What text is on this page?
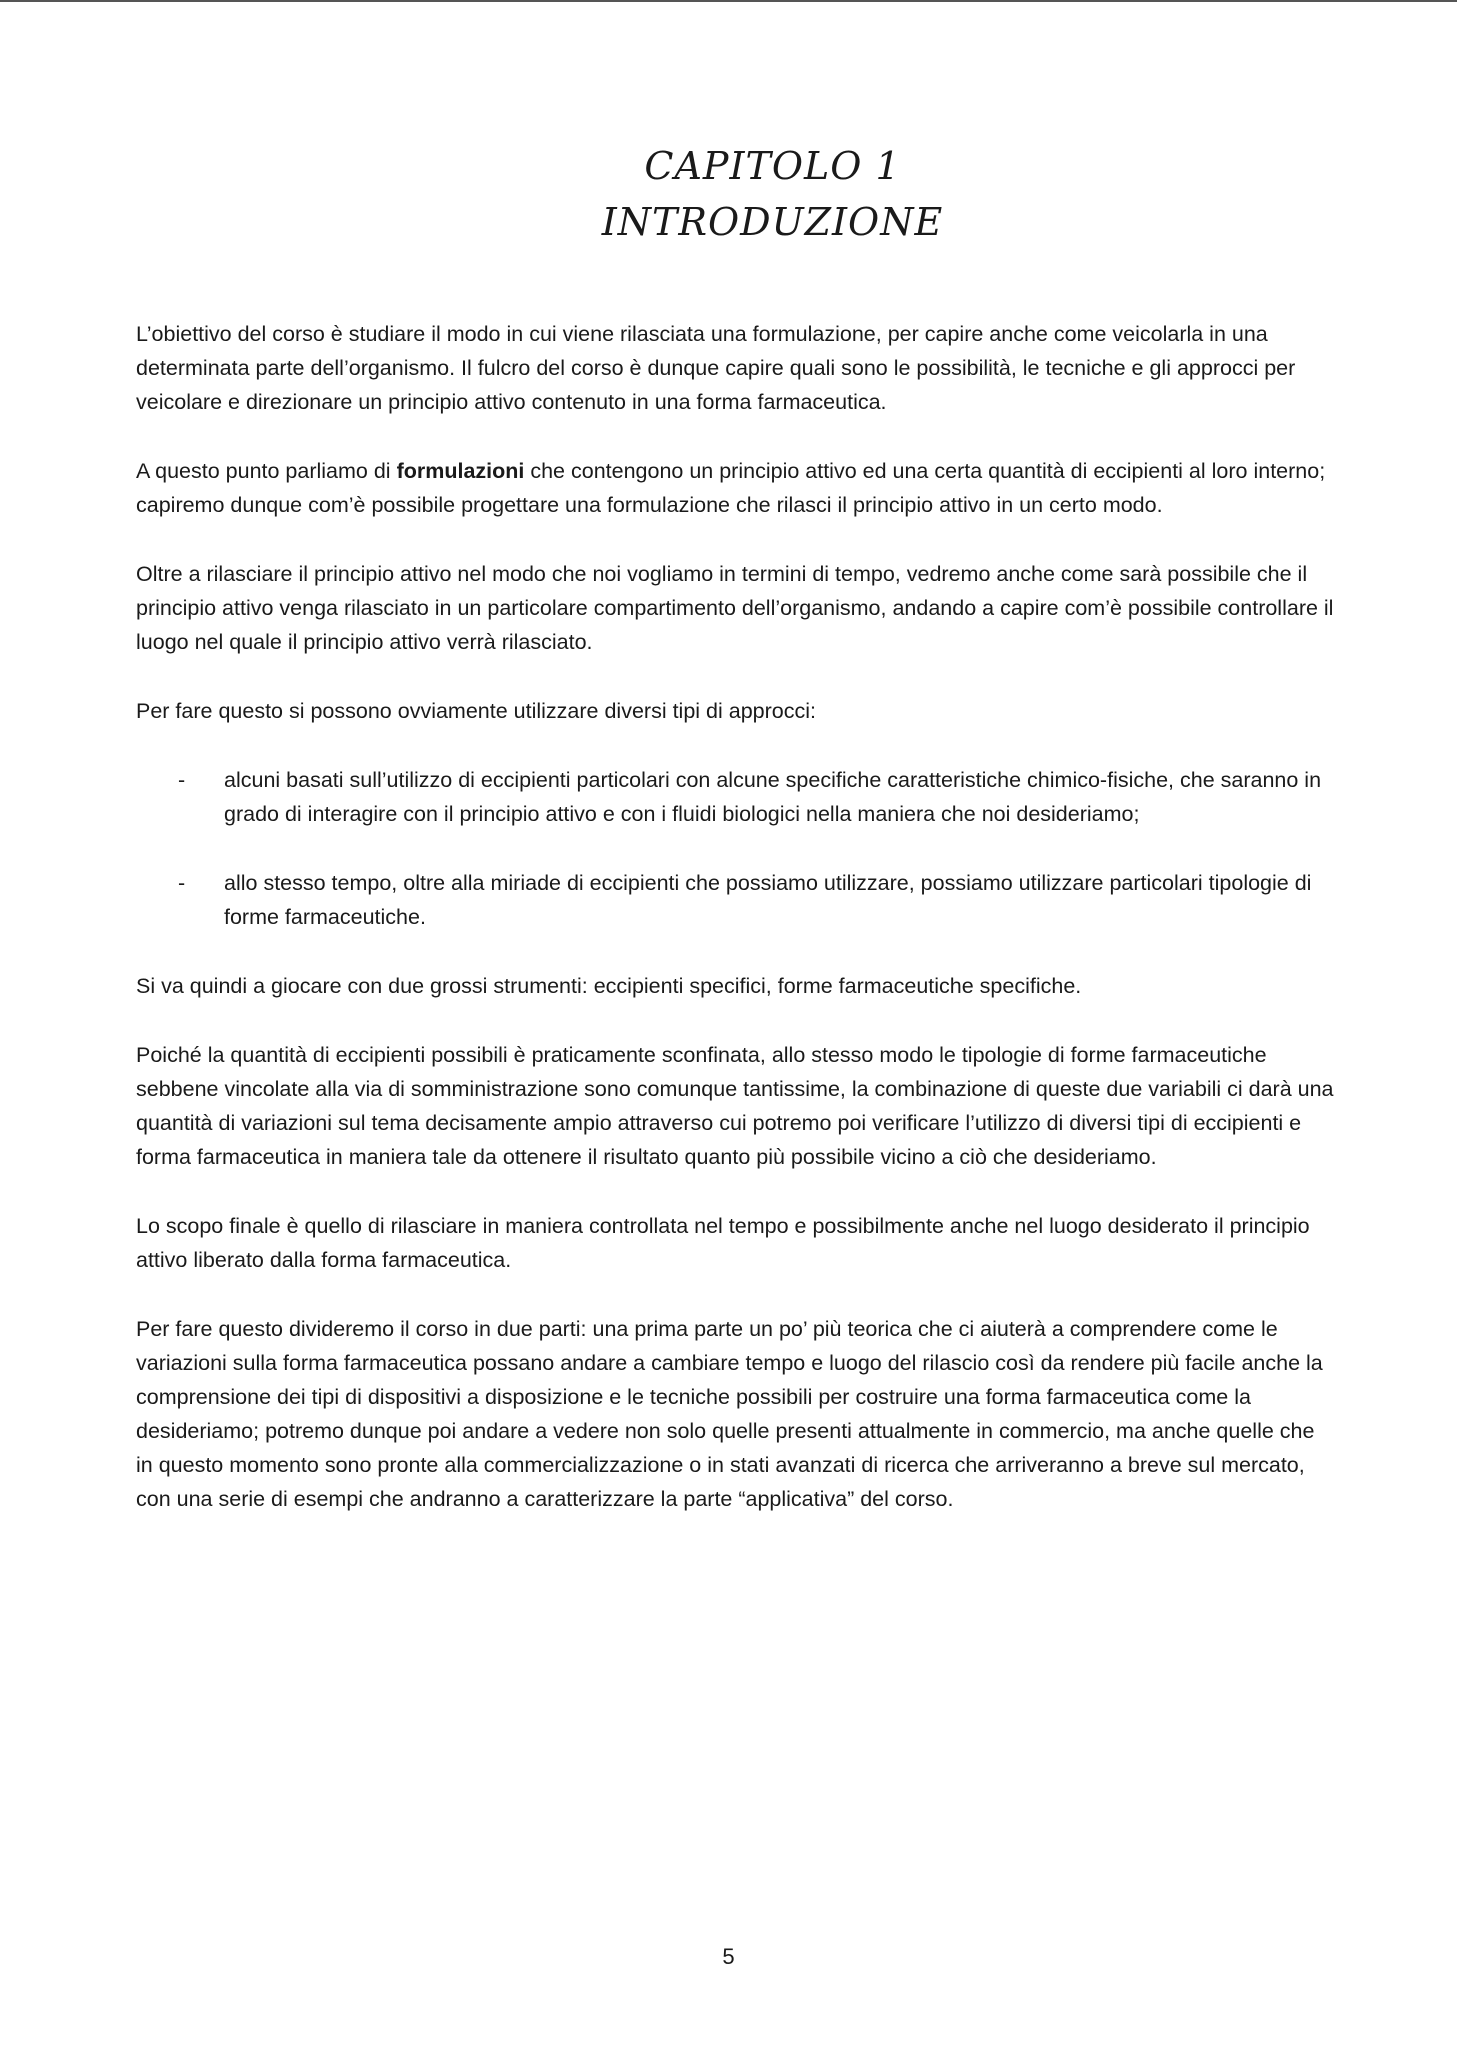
CAPITOLO 1
INTRODUZIONE

L’obiettivo del corso è studiare il modo in cui viene rilasciata una formulazione, per capire anche come veicolarla in una determinata parte dell’organismo. Il fulcro del corso è dunque capire quali sono le possibilità, le tecniche e gli approcci per veicolare e direzionare un principio attivo contenuto in una forma farmaceutica.

A questo punto parliamo di formulazioni che contengono un principio attivo ed una certa quantità di eccipienti al loro interno; capiremo dunque com’è possibile progettare una formulazione che rilasci il principio attivo in un certo modo.

Oltre a rilasciare il principio attivo nel modo che noi vogliamo in termini di tempo, vedremo anche come sarà possibile che il principio attivo venga rilasciato in un particolare compartimento dell’organismo, andando a capire com’è possibile controllare il luogo nel quale il principio attivo verrà rilasciato.

Per fare questo si possono ovviamente utilizzare diversi tipi di approcci:

- alcuni basati sull’utilizzo di eccipienti particolari con alcune specifiche caratteristiche chimico-fisiche, che saranno in grado di interagire con il principio attivo e con i fluidi biologici nella maniera che noi desideriamo;
- allo stesso tempo, oltre alla miriade di eccipienti che possiamo utilizzare, possiamo utilizzare particolari tipologie di forme farmaceutiche.

Si va quindi a giocare con due grossi strumenti: eccipienti specifici, forme farmaceutiche specifiche.

Poiché la quantità di eccipienti possibili è praticamente sconfinata, allo stesso modo le tipologie di forme farmaceutiche sebbene vincolate alla via di somministrazione sono comunque tantissime, la combinazione di queste due variabili ci darà una quantità di variazioni sul tema decisamente ampio attraverso cui potremo poi verificare l’utilizzo di diversi tipi di eccipienti e forma farmaceutica in maniera tale da ottenere il risultato quanto più possibile vicino a ciò che desideriamo.

Lo scopo finale è quello di rilasciare in maniera controllata nel tempo e possibilmente anche nel luogo desiderato il principio attivo liberato dalla forma farmaceutica.

Per fare questo divideremo il corso in due parti: una prima parte un po’ più teorica che ci aiuterà a comprendere come le variazioni sulla forma farmaceutica possano andare a cambiare tempo e luogo del rilascio così da rendere più facile anche la comprensione dei tipi di dispositivi a disposizione e le tecniche possibili per costruire una forma farmaceutica come la desideriamo; potremo dunque poi andare a vedere non solo quelle presenti attualmente in commercio, ma anche quelle che in questo momento sono pronte alla commercializzazione o in stati avanzati di ricerca che arriveranno a breve sul mercato, con una serie di esempi che andranno a caratterizzare la parte “applicativa” del corso.

5
